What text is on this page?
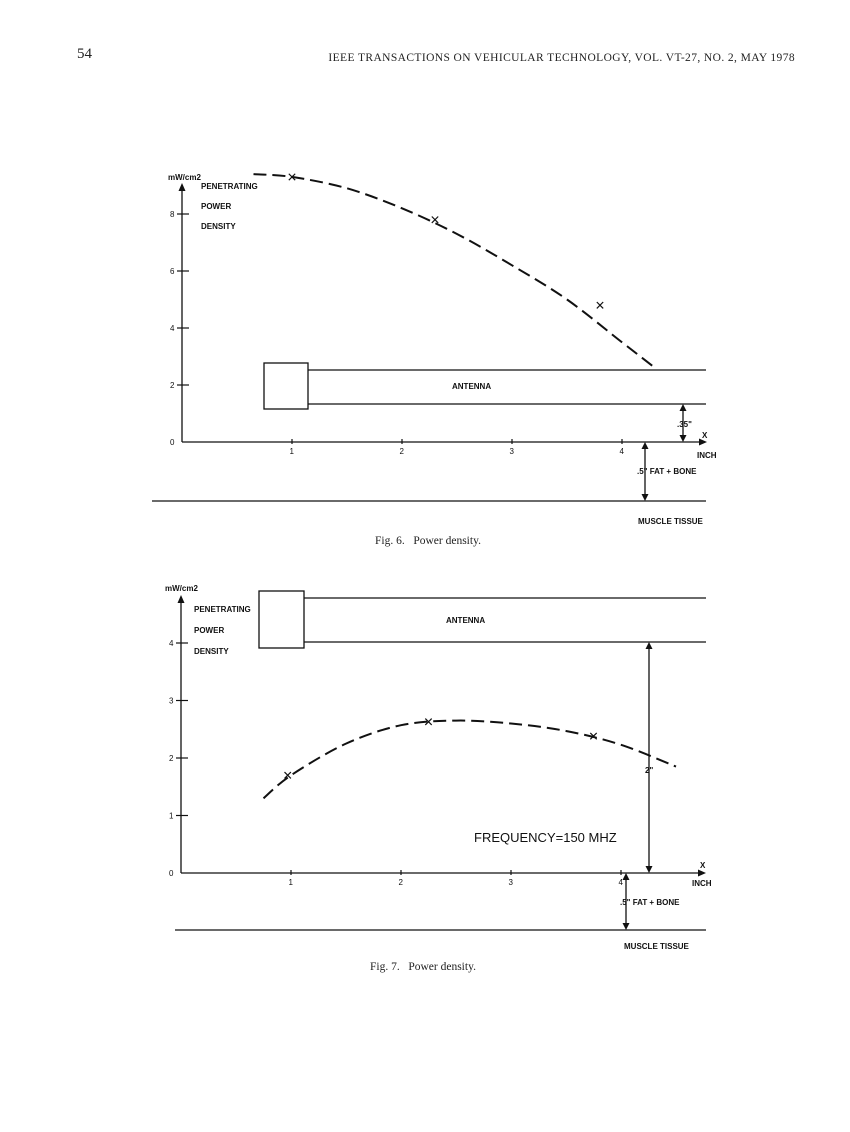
54	IEEE TRANSACTIONS ON VEHICULAR TECHNOLOGY, VOL. VT-27, NO. 2, MAY 1978
mW/cm2
X
INCH
PENETRATING
POWER
DENSITY
0
2
4
6
8
1	2	3	4
ANTENNA
.35"
.5" FAT + BONE
MUSCLE TISSUE
mW/cm2
X
INCH
PENETRATING
POWER
DENSITY
0
1
2
3
4
1	2	3	4
ANTENNA
2"
FREQUENCY=150 MHZ
.5" FAT + BONE
MUSCLE TISSUE
Fig. 6.   Power density.
Fig. 7.   Power density.
